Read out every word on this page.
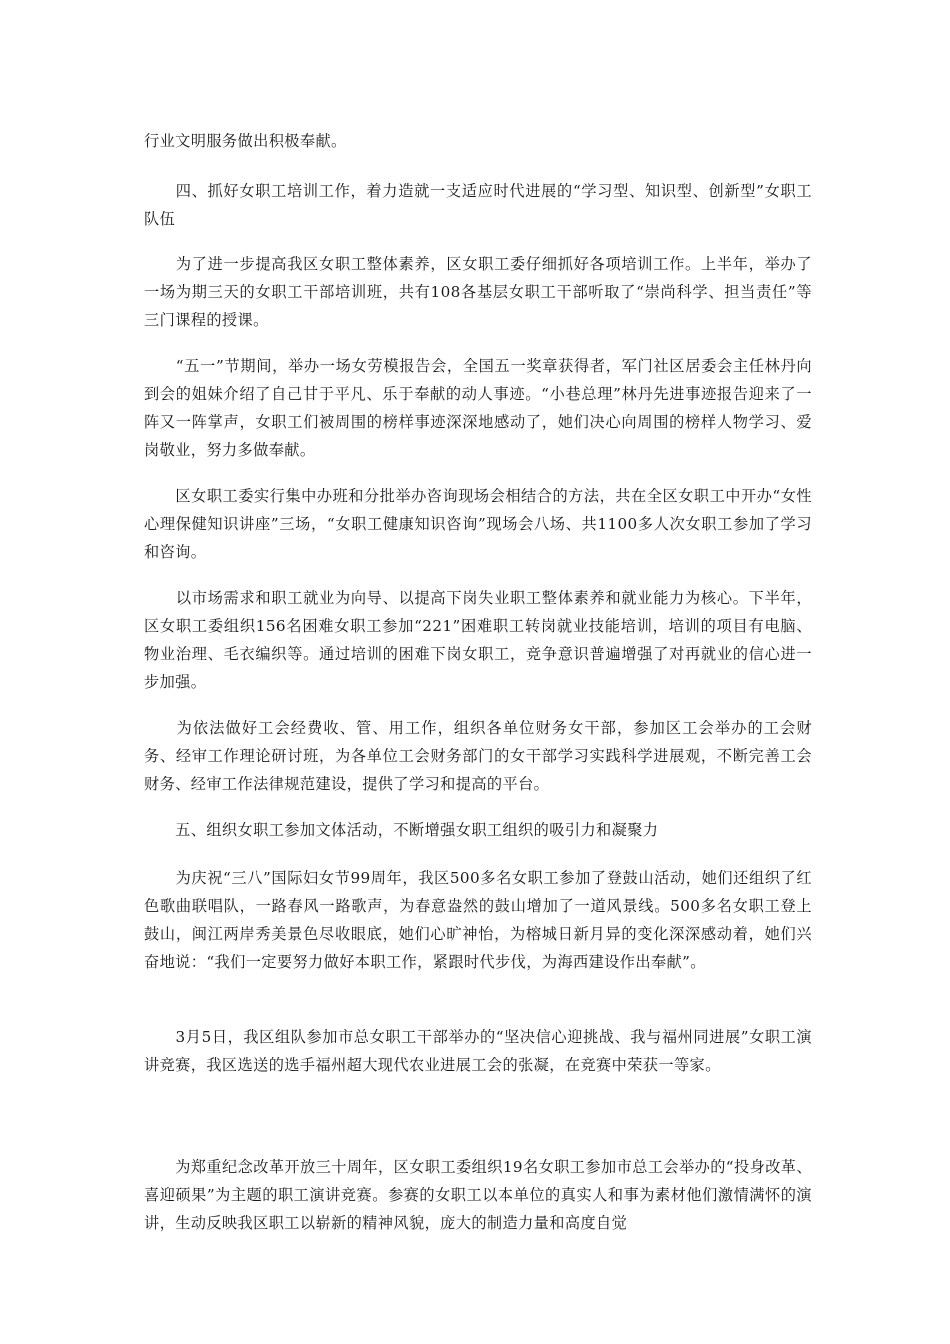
行业文明服务做出积极奉献。

　　四、抓好女职工培训工作，着力造就一支适应时代进展的“学习型、知识型、创新型”女职工队伍

　　为了进一步提高我区女职工整体素养，区女职工委仔细抓好各项培训工作。上半年，举办了一场为期三天的女职工干部培训班，共有108各基层女职工干部听取了“崇尚科学、担当责任”等三门课程的授课。

　　“五一”节期间，举办一场女劳模报告会，全国五一奖章获得者，军门社区居委会主任林丹向到会的姐妹介绍了自己甘于平凡、乐于奉献的动人事迹。“小巷总理”林丹先进事迹报告迎来了一阵又一阵掌声，女职工们被周围的榜样事迹深深地感动了，她们决心向周围的榜样人物学习、爱岗敬业，努力多做奉献。

　　区女职工委实行集中办班和分批举办咨询现场会相结合的方法，共在全区女职工中开办“女性心理保健知识讲座”三场，“女职工健康知识咨询”现场会八场、共1100多人次女职工参加了学习和咨询。

　　以市场需求和职工就业为向导、以提高下岗失业职工整体素养和就业能力为核心。下半年，区女职工委组织156名困难女职工参加“221”困难职工转岗就业技能培训，培训的项目有电脑、物业治理、毛衣编织等。通过培训的困难下岗女职工，竞争意识普遍增强了对再就业的信心进一步加强。

　　为依法做好工会经费收、管、用工作，组织各单位财务女干部，参加区工会举办的工会财务、经审工作理论研讨班，为各单位工会财务部门的女干部学习实践科学进展观，不断完善工会财务、经审工作法律规范建设，提供了学习和提高的平台。

　　五、组织女职工参加文体活动，不断增强女职工组织的吸引力和凝聚力

　　为庆祝“三八”国际妇女节99周年，我区500多名女职工参加了登鼓山活动，她们还组织了红色歌曲联唱队，一路春风一路歌声，为春意盎然的鼓山增加了一道风景线。500多名女职工登上鼓山，闽江两岸秀美景色尽收眼底，她们心旷神怡，为榕城日新月异的变化深深感动着，她们兴奋地说：“我们一定要努力做好本职工作，紧跟时代步伐，为海西建设作出奉献”。

　　3月5日，我区组队参加市总女职工干部举办的“坚决信心迎挑战、我与福州同进展”女职工演讲竞赛，我区选送的选手福州超大现代农业进展工会的张凝，在竞赛中荣获一等家。

　　为郑重纪念改革开放三十周年，区女职工委组织19名女职工参加市总工会举办的“投身改革、喜迎硕果”为主题的职工演讲竞赛。参赛的女职工以本单位的真实人和事为素材他们激情满怀的演讲，生动反映我区职工以崭新的精神风貌，庞大的制造力量和高度自觉
